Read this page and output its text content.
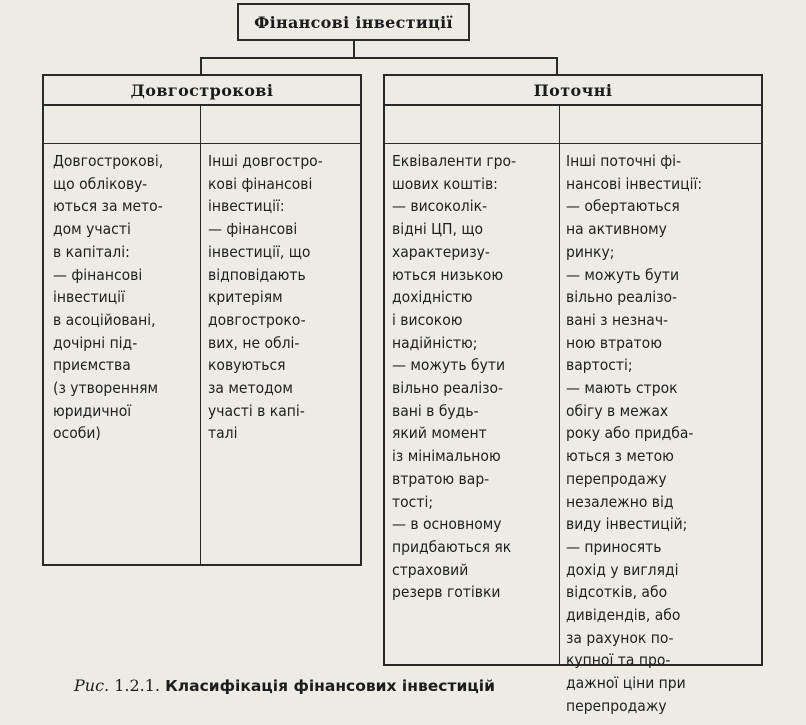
Фінансові інвестиції
Довгострокові	Поточні
Довгострокові,
що обліковy-
ються за мето-
дом участі
в капіталі:
— фінансові
інвестиції
в асоційовані,
дочірні під-
приємства
(з утворенням
юридичної
особи)
Інші довгостро-
кові фінансові
інвестиції:
— фінансові
інвестиції, що
відповідають
критеріям
довгострокo-
вих, не облі-
ковуються
за методом
участі в капі-
талі
Еквіваленти гро-
шових коштів:
— високолік-
відні ЦП, що
характеризу-
ються низькою
дохідністю
і високою
надійністю;
— можуть бути
вільно реалізо-
вані в будь-
який момент
із мінімальною
втратою вар-
тості;
— в основному
придбаються як
страховий
резерв готівки
Інші поточні фі-
нансові інвестиції:
— обертаються
на активному
ринку;
— можуть бути
вільно реалізо-
вані з незнач-
ною втратою
вартості;
— мають строк
обігу в межах
року або придба-
ються з метою
перепродажу
незалежно від
виду інвестицій;
— приносять
дохід у вигляді
відсотків, або
дивідендів, або
за рахунок по-
купної та про-
дажної ціни при
перепродажу
Рис. 1.2.1. Класифікація фінансових інвестицій
